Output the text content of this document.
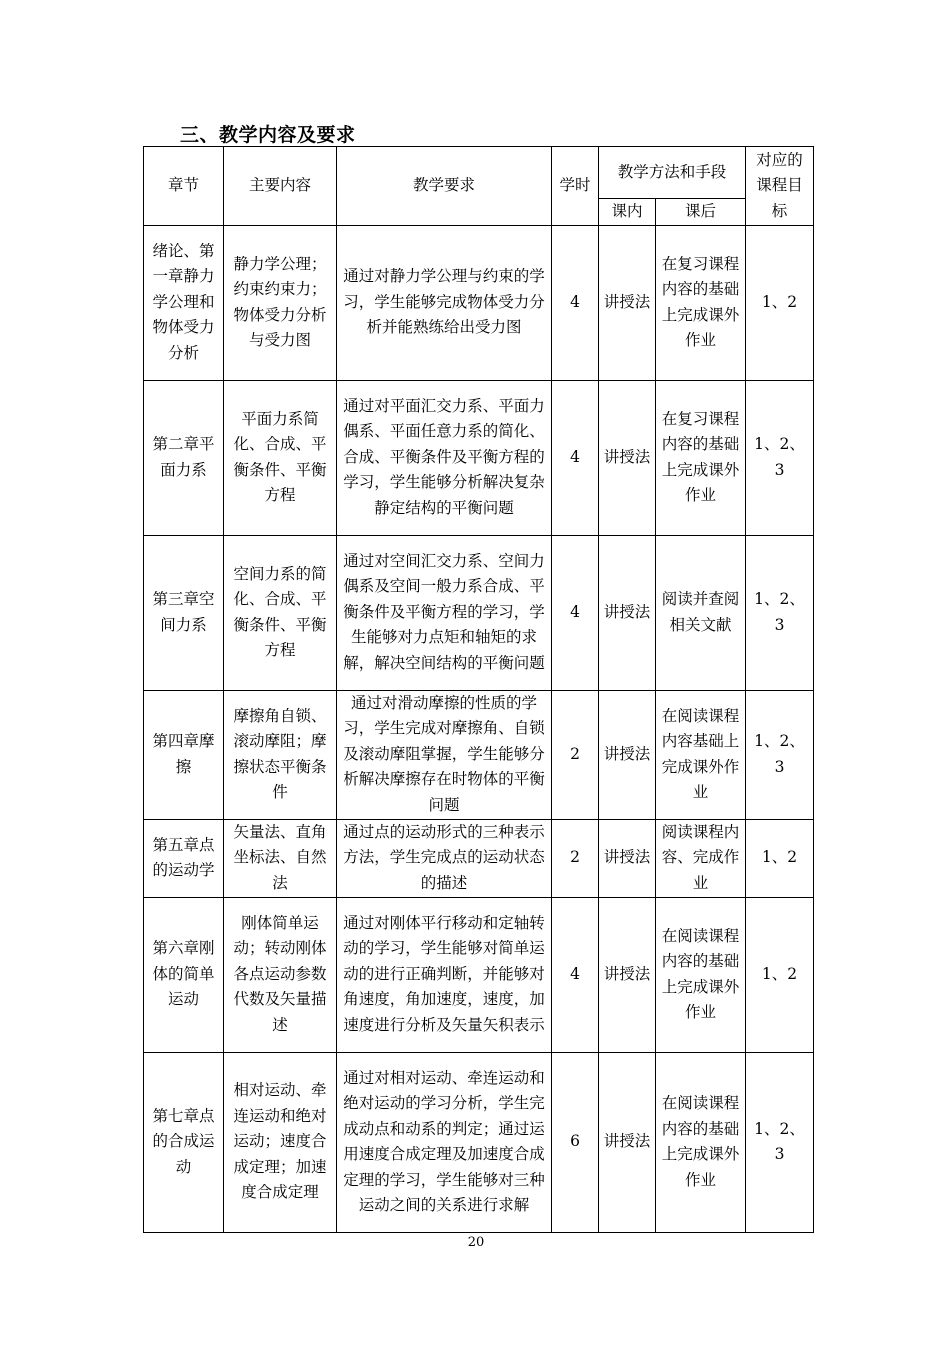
三、教学内容及要求
章节	主要内容	教学要求	学时	教学方法和手段		对应的课程目标
				课内	课后	
绪论、第一章静力学公理和物体受力分析	静力学公理；约束约束力；物体受力分析与受力图	通过对静力学公理与约束的学习，学生能够完成物体受力分析并能熟练给出受力图	4	讲授法	在复习课程内容的基础上完成课外作业	1、2
第二章平面力系	平面力系简化、合成、平衡条件、平衡方程	通过对平面汇交力系、平面力偶系、平面任意力系的简化、合成、平衡条件及平衡方程的学习，学生能够分析解决复杂静定结构的平衡问题	4	讲授法	在复习课程内容的基础上完成课外作业	1、2、3
第三章空间力系	空间力系的简化、合成、平衡条件、平衡方程	通过对空间汇交力系、空间力偶系及空间一般力系合成、平衡条件及平衡方程的学习，学生能够对力点矩和轴矩的求解，解决空间结构的平衡问题	4	讲授法	阅读并查阅相关文献	1、2、3
第四章摩擦	摩擦角自锁、滚动摩阻；摩擦状态平衡条件	通过对滑动摩擦的性质的学习，学生完成对摩擦角、自锁及滚动摩阻掌握，学生能够分析解决摩擦存在时物体的平衡问题	2	讲授法	在阅读课程内容基础上完成课外作业	1、2、3
第五章点的运动学	矢量法、直角坐标法、自然法	通过点的运动形式的三种表示方法，学生完成点的运动状态的描述	2	讲授法	阅读课程内容、完成作业	1、2
第六章刚体的简单运动	刚体简单运动；转动刚体各点运动参数代数及矢量描述	通过对刚体平行移动和定轴转动的学习，学生能够对简单运动的进行正确判断，并能够对角速度，角加速度，速度，加速度进行分析及矢量矢积表示	4	讲授法	在阅读课程内容的基础上完成课外作业	1、2
第七章点的合成运动	相对运动、牵连运动和绝对运动；速度合成定理；加速度合成定理	通过对相对运动、牵连运动和绝对运动的学习分析，学生完成动点和动系的判定；通过运用速度合成定理及加速度合成定理的学习，学生能够对三种运动之间的关系进行求解	6	讲授法	在阅读课程内容的基础上完成课外作业	1、2、3
20
